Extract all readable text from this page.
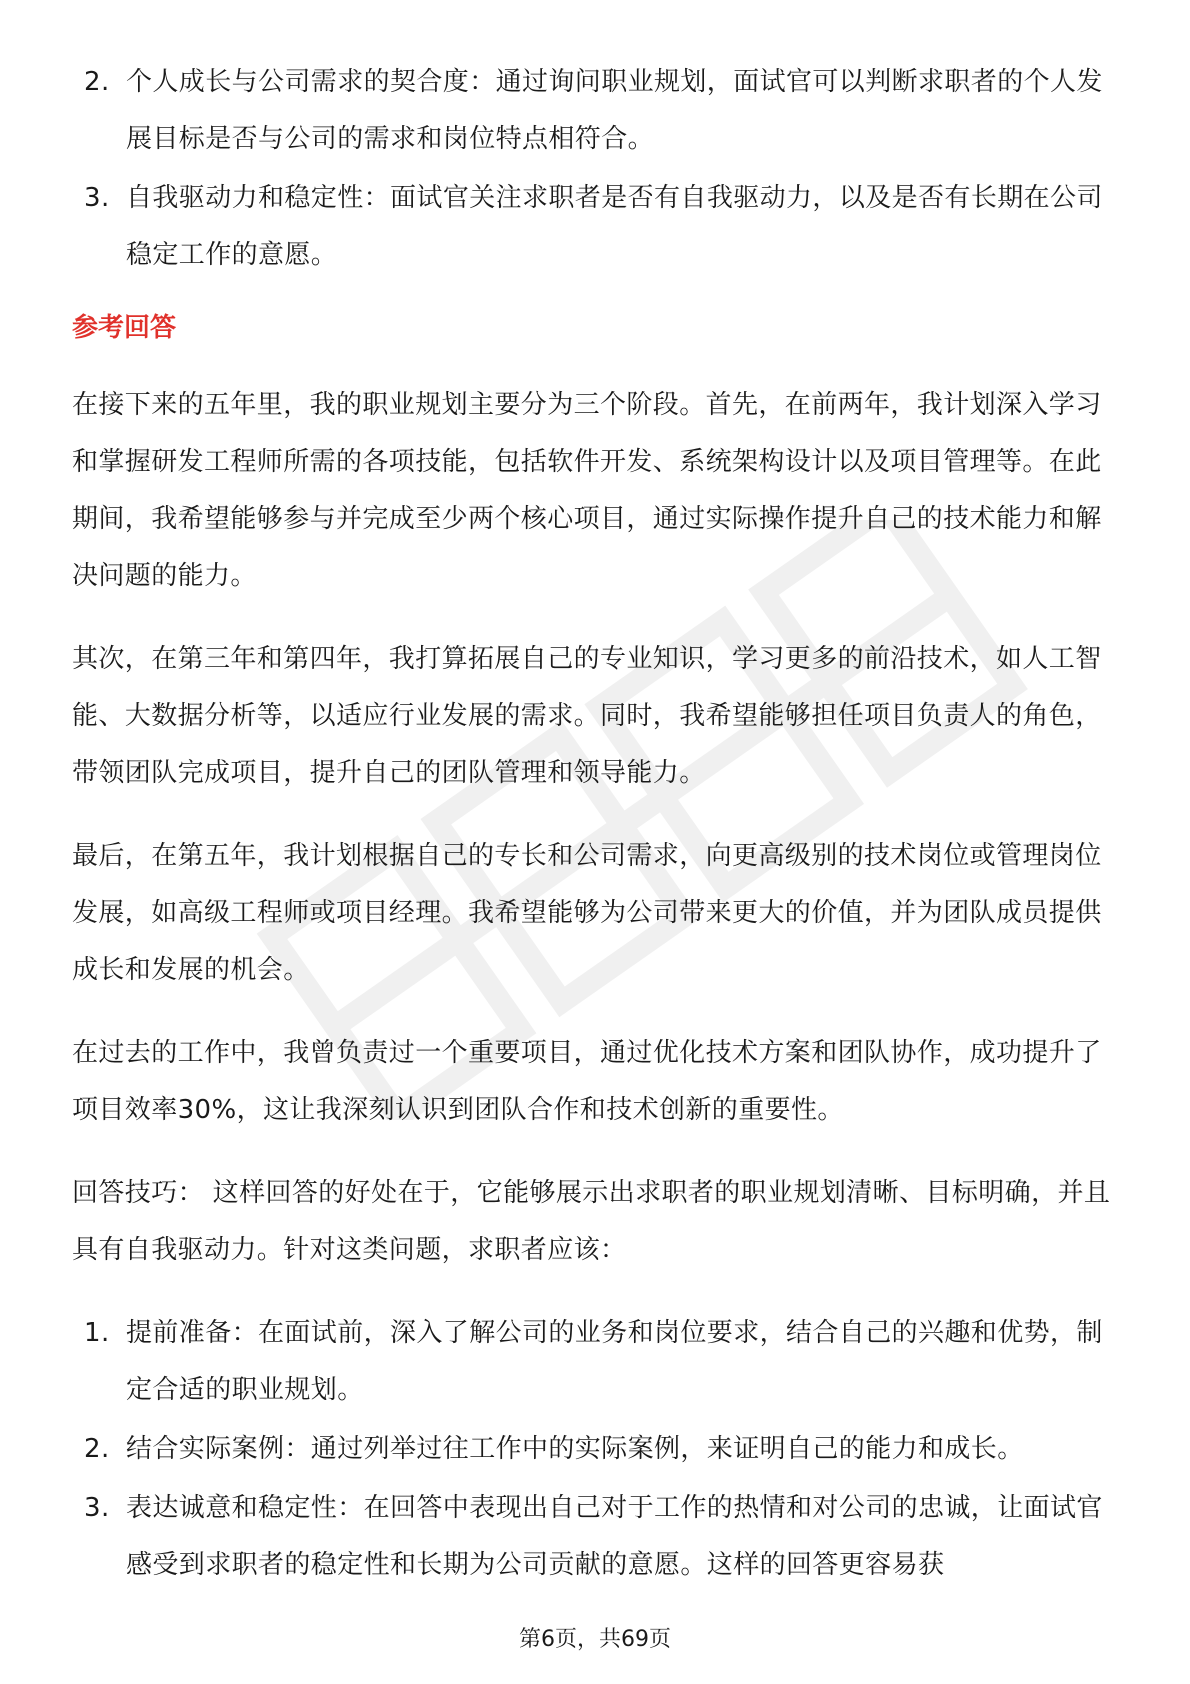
2. 个人成长与公司需求的契合度：通过询问职业规划，面试官可以判断求职者的个人发展目标是否与公司的需求和岗位特点相符合。
3. 自我驱动力和稳定性：面试官关注求职者是否有自我驱动力，以及是否有长期在公司稳定工作的意愿。
参考回答

在接下来的五年里，我的职业规划主要分为三个阶段。首先，在前两年，我计划深入学习和掌握研发工程师所需的各项技能，包括软件开发、系统架构设计以及项目管理等。在此期间，我希望能够参与并完成至少两个核心项目，通过实际操作提升自己的技术能力和解决问题的能力。

其次，在第三年和第四年，我打算拓展自己的专业知识，学习更多的前沿技术，如人工智能、大数据分析等，以适应行业发展的需求。同时，我希望能够担任项目负责人的角色，带领团队完成项目，提升自己的团队管理和领导能力。

最后，在第五年，我计划根据自己的专长和公司需求，向更高级别的技术岗位或管理岗位发展，如高级工程师或项目经理。我希望能够为公司带来更大的价值，并为团队成员提供成长和发展的机会。

在过去的工作中，我曾负责过一个重要项目，通过优化技术方案和团队协作，成功提升了项目效率30%，这让我深刻认识到团队合作和技术创新的重要性。

回答技巧： 这样回答的好处在于，它能够展示出求职者的职业规划清晰、目标明确，并且具有自我驱动力。针对这类问题，求职者应该：

1. 提前准备：在面试前，深入了解公司的业务和岗位要求，结合自己的兴趣和优势，制定合适的职业规划。
2. 结合实际案例：通过列举过往工作中的实际案例，来证明自己的能力和成长。
3. 表达诚意和稳定性：在回答中表现出自己对于工作的热情和对公司的忠诚，让面试官感受到求职者的稳定性和长期为公司贡献的意愿。这样的回答更容易获
第6页，共69页
